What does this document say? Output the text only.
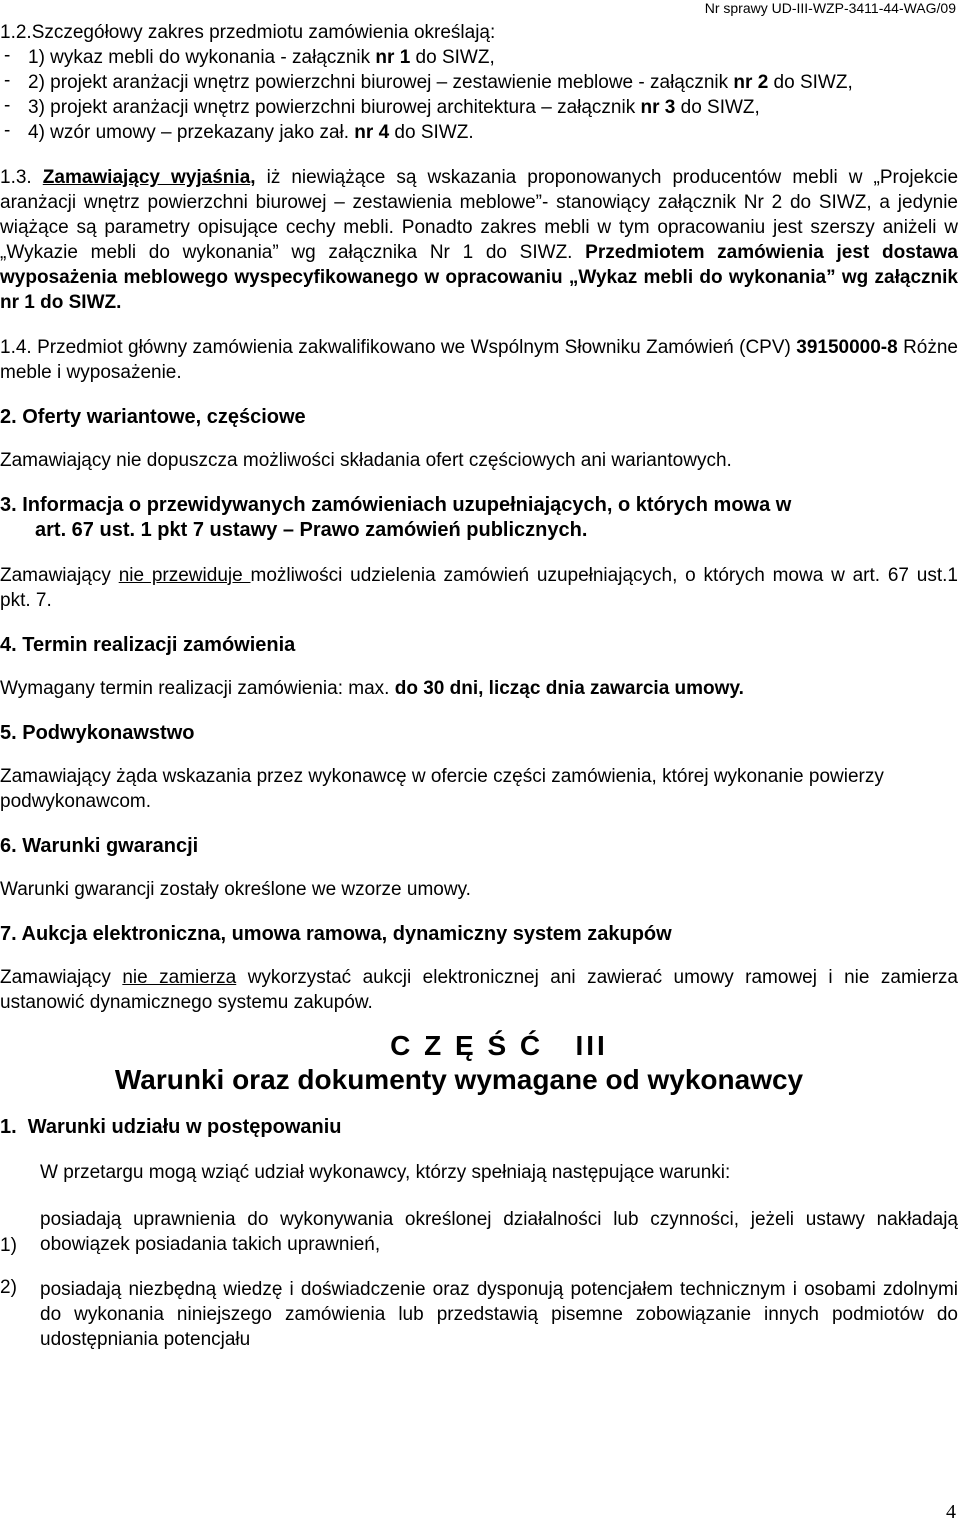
Nr sprawy UD-III-WZP-3411-44-WAG/09

1.2.Szczegółowy zakres przedmiotu zamówienia określają:

- 1) wykaz mebli do wykonania - załącznik nr 1 do SIWZ,

- 2) projekt aranżacji wnętrz powierzchni biurowej – zestawienie meblowe - załącznik nr 2 do SIWZ,

- 3) projekt aranżacji wnętrz powierzchni biurowej architektura – załącznik nr 3 do SIWZ,

- 4) wzór umowy – przekazany jako zał. nr 4 do SIWZ.

1.3. Zamawiający wyjaśnia, iż niewiążące są wskazania proponowanych producentów mebli w „Projekcie aranżacji wnętrz powierzchni biurowej – zestawienia meblowe”- stanowiący załącznik Nr 2 do SIWZ, a jedynie wiążące są parametry opisujące cechy mebli. Ponadto zakres mebli w tym opracowaniu jest szerszy aniżeli w „Wykazie mebli do wykonania” wg załącznika Nr 1 do SIWZ. Przedmiotem zamówienia jest dostawa wyposażenia meblowego wyspecyfikowanego w opracowaniu „Wykaz mebli do wykonania” wg załącznik nr 1 do SIWZ.

1.4. Przedmiot główny zamówienia zakwalifikowano we Wspólnym Słowniku Zamówień (CPV) 39150000-8 Różne meble i wyposażenie.

2. Oferty wariantowe, częściowe

Zamawiający nie dopuszcza możliwości składania ofert częściowych ani wariantowych.

3. Informacja o przewidywanych zamówieniach uzupełniających, o których mowa w
art. 67 ust. 1 pkt 7 ustawy – Prawo zamówień publicznych.

Zamawiający nie przewiduje możliwości udzielenia zamówień uzupełniających, o których mowa w art. 67 ust.1 pkt. 7.

4. Termin realizacji zamówienia

Wymagany termin realizacji zamówienia: max. do 30 dni, licząc dnia zawarcia umowy.

5. Podwykonawstwo

Zamawiający żąda wskazania przez wykonawcę w ofercie części zamówienia, której wykonanie powierzy podwykonawcom.

6. Warunki gwarancji

Warunki gwarancji zostały określone we wzorze umowy.

7. Aukcja elektroniczna, umowa ramowa, dynamiczny system zakupów

Zamawiający nie zamierza wykorzystać aukcji elektronicznej ani zawierać umowy ramowej i nie zamierza ustanowić dynamicznego systemu zakupów.

C Z Ę Ś Ć   III
Warunki oraz dokumenty wymagane od wykonawcy

1.  Warunki udziału w postępowaniu

W przetargu mogą wziąć udział wykonawcy, którzy spełniają następujące warunki:

1)

posiadają uprawnienia do wykonywania określonej działalności lub czynności, jeżeli ustawy nakładają obowiązek posiadania takich uprawnień,

2)	posiadają niezbędną wiedzę i doświadczenie oraz dysponują potencjałem technicznym i osobami zdolnymi do wykonania niniejszego zamówienia lub przedstawią pisemne zobowiązanie innych podmiotów do udostępniania potencjału

4
